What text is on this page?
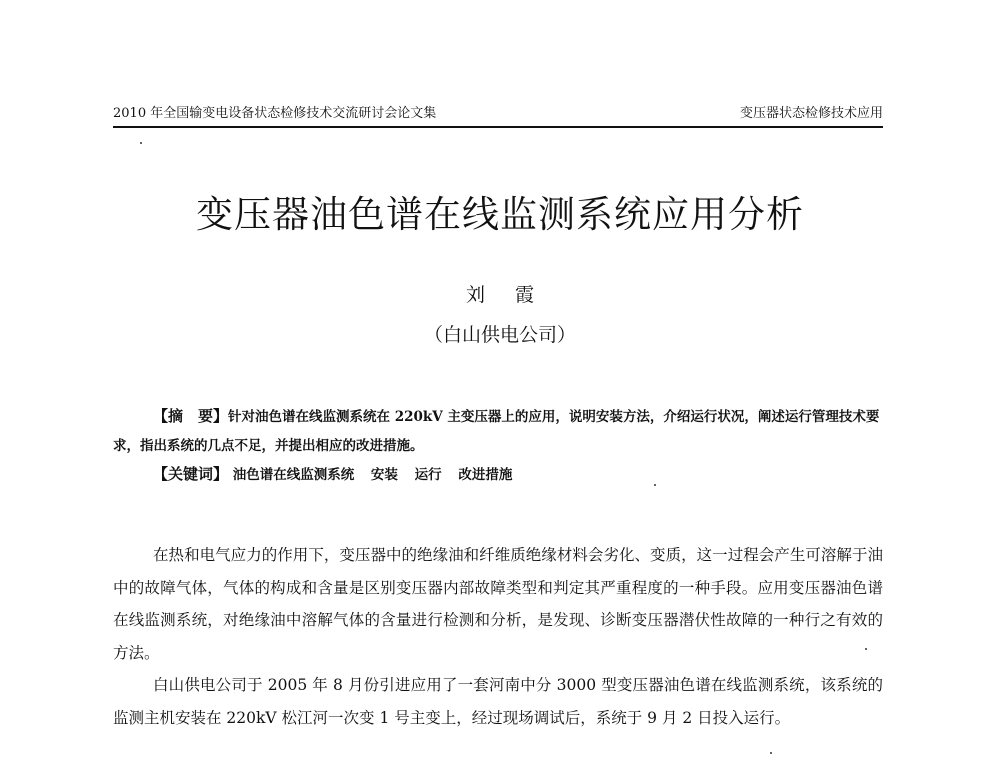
2010 年全国输变电设备状态检修技术交流研讨会论文集	变压器状态检修技术应用
变压器油色谱在线监测系统应用分析
刘 霞
（白山供电公司）
【摘　要】针对油色谱在线监测系统在 220kV 主变压器上的应用，说明安装方法，介绍运行状况，阐述运行管理技术要求，指出系统的几点不足，并提出相应的改进措施。
【关键词】 油色谱在线监测系统 安装 运行 改进措施

在热和电气应力的作用下，变压器中的绝缘油和纤维质绝缘材料会劣化、变质，这一过程会产生可溶解于油中的故障气体，气体的构成和含量是区别变压器内部故障类型和判定其严重程度的一种手段。应用变压器油色谱在线监测系统，对绝缘油中溶解气体的含量进行检测和分析，是发现、诊断变压器潜伏性故障的一种行之有效的方法。

白山供电公司于 2005 年 8 月份引进应用了一套河南中分 3000 型变压器油色谱在线监测系统，该系统的监测主机安装在 220kV 松江河一次变 1 号主变上，经过现场调试后，系统于 9 月 2 日投入运行。
